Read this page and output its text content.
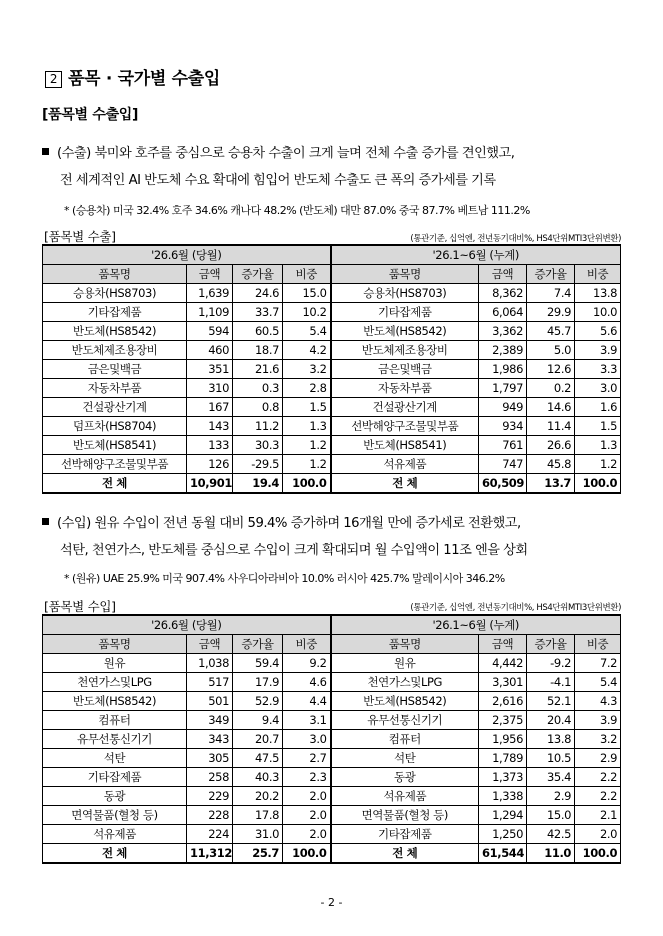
2 품목 · 국가별 수출입
[품목별 수출입]
(수출) 북미와 호주를 중심으로 승용차 수출이 크게 늘며 전체 수출 증가를 견인했고,
전 세계적인 AI 반도체 수요 확대에 힘입어 반도체 수출도 큰 폭의 증가세를 기록
* (승용차) 미국 32.4% 호주 34.6% 캐나다 48.2% (반도체) 대만 87.0% 중국 87.7% 베트남 111.2%
[품목별 수출]	(통관기준, 십억엔, 전년동기대비%, HS4단위MTI3단위변환)
'26.6월 (당월)				'26.1~6월 (누계)			
품목명	금액	증가율	비중	품목명	금액	증가율	비중
승용차(HS8703)	1,639	24.6	15.0	승용차(HS8703)	8,362	7.4	13.8
기타잡제품	1,109	33.7	10.2	기타잡제품	6,064	29.9	10.0
반도체(HS8542)	594	60.5	5.4	반도체(HS8542)	3,362	45.7	5.6
반도체제조용장비	460	18.7	4.2	반도체제조용장비	2,389	5.0	3.9
금은및백금	351	21.6	3.2	금은및백금	1,986	12.6	3.3
자동차부품	310	0.3	2.8	자동차부품	1,797	0.2	3.0
건설광산기계	167	0.8	1.5	건설광산기계	949	14.6	1.6
덤프차(HS8704)	143	11.2	1.3	선박해양구조물및부품	934	11.4	1.5
반도체(HS8541)	133	30.3	1.2	반도체(HS8541)	761	26.6	1.3
선박해양구조물및부품	126	-29.5	1.2	석유제품	747	45.8	1.2
전 체	10,901	19.4	100.0	전 체	60,509	13.7	100.0
(수입) 원유 수입이 전년 동월 대비 59.4% 증가하며 16개월 만에 증가세로 전환했고,
석탄, 천연가스, 반도체를 중심으로 수입이 크게 확대되며 월 수입액이 11조 엔을 상회
* (원유) UAE 25.9% 미국 907.4% 사우디아라비아 10.0% 러시아 425.7% 말레이시아 346.2%
[품목별 수입]	(통관기준, 십억엔, 전년동기대비%, HS4단위MTI3단위변환)
'26.6월 (당월)				'26.1~6월 (누계)			
품목명	금액	증가율	비중	품목명	금액	증가율	비중
원유	1,038	59.4	9.2	원유	4,442	-9.2	7.2
천연가스및LPG	517	17.9	4.6	천연가스및LPG	3,301	-4.1	5.4
반도체(HS8542)	501	52.9	4.4	반도체(HS8542)	2,616	52.1	4.3
컴퓨터	349	9.4	3.1	유무선통신기기	2,375	20.4	3.9
유무선통신기기	343	20.7	3.0	컴퓨터	1,956	13.8	3.2
석탄	305	47.5	2.7	석탄	1,789	10.5	2.9
기타잡제품	258	40.3	2.3	동광	1,373	35.4	2.2
동광	229	20.2	2.0	석유제품	1,338	2.9	2.2
면역물품(혈청 등)	228	17.8	2.0	면역물품(혈청 등)	1,294	15.0	2.1
석유제품	224	31.0	2.0	기타잡제품	1,250	42.5	2.0
전 체	11,312	25.7	100.0	전 체	61,544	11.0	100.0
- 2 -
